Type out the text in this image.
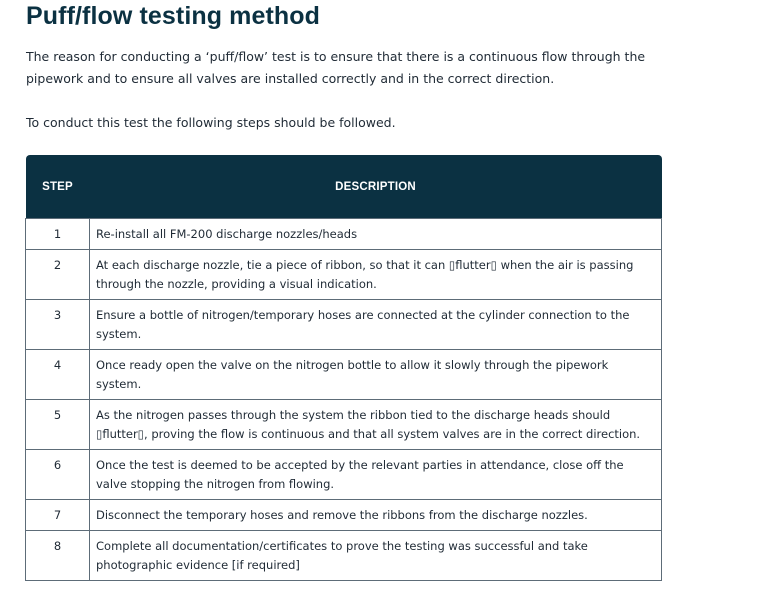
Puff/flow testing method

The reason for conducting a ‘puff/flow’ test is to ensure that there is a continuous flow through the pipework and to ensure all valves are installed correctly and in the correct direction.

To conduct this test the following steps should be followed.

STEP	DESCRIPTION
1	Re-install all FM-200 discharge nozzles/heads
2	At each discharge nozzle, tie a piece of ribbon, so that it can ▯flutter▯ when the air is passing through the nozzle, providing a visual indication.
3	Ensure a bottle of nitrogen/temporary hoses are connected at the cylinder connection to the system.
4	Once ready open the valve on the nitrogen bottle to allow it slowly through the pipework system.
5	As the nitrogen passes through the system the ribbon tied to the discharge heads should ▯flutter▯, proving the flow is continuous and that all system valves are in the correct direction.
6	Once the test is deemed to be accepted by the relevant parties in attendance, close off the valve stopping the nitrogen from flowing.
7	Disconnect the temporary hoses and remove the ribbons from the discharge nozzles.
8	Complete all documentation/certificates to prove the testing was successful and take photographic evidence [if required]
